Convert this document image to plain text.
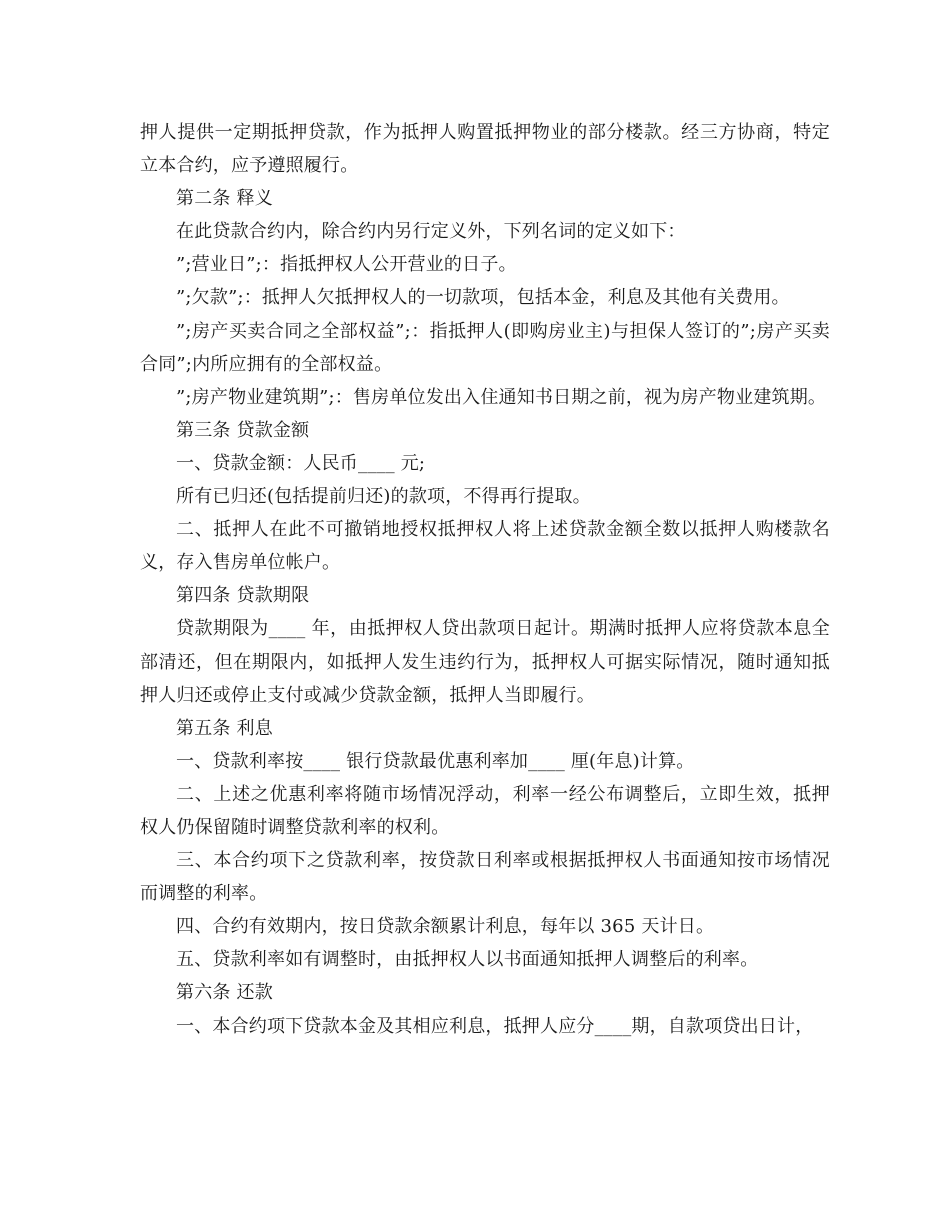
押人提供一定期抵押贷款，作为抵押人购置抵押物业的部分楼款。经三方协商，特定立本合约，应予遵照履行。

第二条 释义

在此贷款合约内，除合约内另行定义外，下列名词的定义如下：

”;营业日”;：指抵押权人公开营业的日子。

”;欠款”;：抵押人欠抵押权人的一切款项，包括本金，利息及其他有关费用。

”;房产买卖合同之全部权益”;：指抵押人(即购房业主)与担保人签订的”;房产买卖合同”;内所应拥有的全部权益。

”;房产物业建筑期”;：售房单位发出入住通知书日期之前，视为房产物业建筑期。

第三条 贷款金额

一、贷款金额：人民币____ 元;

所有已归还(包括提前归还)的款项，不得再行提取。

二、抵押人在此不可撤销地授权抵押权人将上述贷款金额全数以抵押人购楼款名义，存入售房单位帐户。

第四条 贷款期限

贷款期限为____ 年，由抵押权人贷出款项日起计。期满时抵押人应将贷款本息全部清还，但在期限内，如抵押人发生违约行为，抵押权人可据实际情况，随时通知抵押人归还或停止支付或减少贷款金额，抵押人当即履行。

第五条 利息

一、贷款利率按____ 银行贷款最优惠利率加____ 厘(年息)计算。

二、上述之优惠利率将随市场情况浮动，利率一经公布调整后，立即生效，抵押权人仍保留随时调整贷款利率的权利。

三、本合约项下之贷款利率，按贷款日利率或根据抵押权人书面通知按市场情况而调整的利率。

四、合约有效期内，按日贷款余额累计利息，每年以 365 天计日。

五、贷款利率如有调整时，由抵押权人以书面通知抵押人调整后的利率。

第六条 还款

一、本合约项下贷款本金及其相应利息，抵押人应分____期，自款项贷出日计，
